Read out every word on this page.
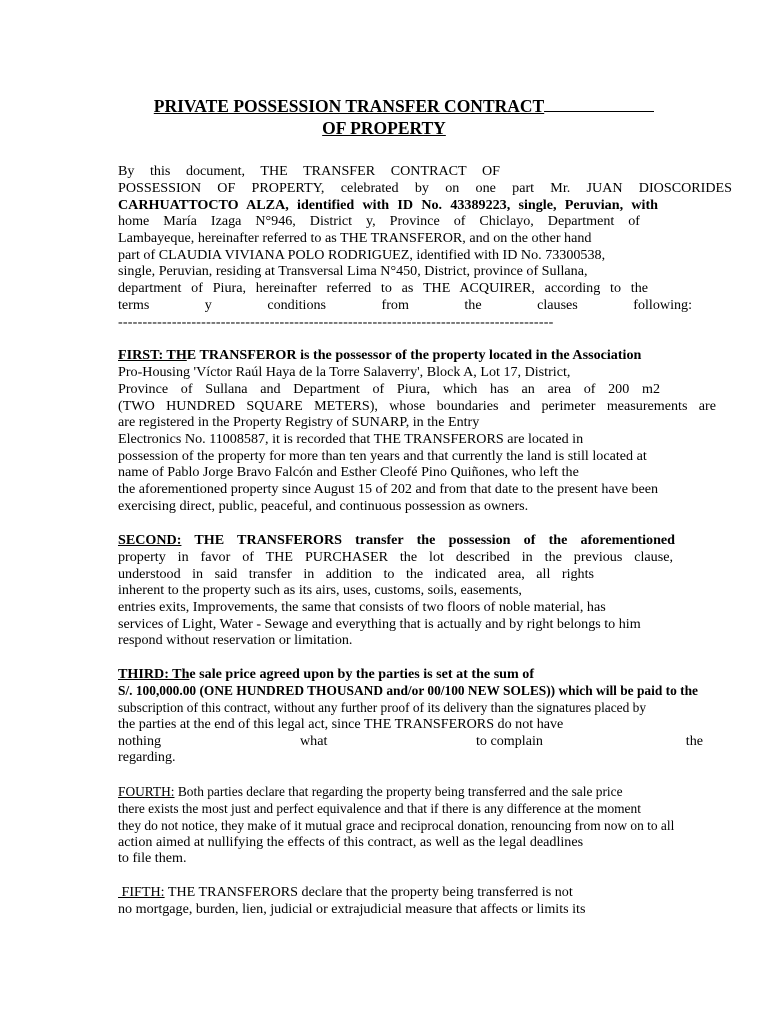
PRIVATE POSSESSION TRANSFER CONTRACT
OF PROPERTY
By this document, THE TRANSFER CONTRACT OF
POSSESSION OF PROPERTY, celebrated by on one part Mr. JUAN DIOSCORIDES
CARHUATTOCTO ALZA, identified with ID No. 43389223, single, Peruvian, with
home María Izaga N°946, District y, Province of Chiclayo, Department of
Lambayeque, hereinafter referred to as THE TRANSFEROR, and on the other hand
part of CLAUDIA VIVIANA POLO RODRIGUEZ, identified with ID No. 73300538,
single, Peruvian, residing at Transversal Lima N°450, District, province of Sullana,
department of Piura, hereinafter referred to as THE ACQUIRER, according to the
terms y conditions from the clauses following:
-----------------------------------------------------------------------------------------
FIRST: THE TRANSFEROR is the possessor of the property located in the Association
Pro-Housing 'Víctor Raúl Haya de la Torre Salaverry', Block A, Lot 17, District,
Province of Sullana and Department of Piura, which has an area of 200 m2
(TWO HUNDRED SQUARE METERS), whose boundaries and perimeter measurements are
are registered in the Property Registry of SUNARP, in the Entry
Electronics No. 11008587, it is recorded that THE TRANSFERORS are located in
possession of the property for more than ten years and that currently the land is still located at
name of Pablo Jorge Bravo Falcón and Esther Cleofé Pino Quiñones, who left the
the aforementioned property since August 15 of 202 and from that date to the present have been
exercising direct, public, peaceful, and continuous possession as owners.
SECOND: THE TRANSFERORS transfer the possession of the aforementioned
property in favor of THE PURCHASER the lot described in the previous clause,
understood in said transfer in addition to the indicated area, all rights
inherent to the property such as its airs, uses, customs, soils, easements,
entries exits, Improvements, the same that consists of two floors of noble material, has
services of Light, Water - Sewage and everything that is actually and by right belongs to him
respond without reservation or limitation.
THIRD: The sale price agreed upon by the parties is set at the sum of
S/. 100,000.00 (ONE HUNDRED THOUSAND and/or 00/100 NEW SOLES)) which will be paid to the
subscription of this contract, without any further proof of its delivery than the signatures placed by
the parties at the end of this legal act, since THE TRANSFERORS do not have
nothing	what	to complain	the
regarding.
FOURTH: Both parties declare that regarding the property being transferred and the sale price
there exists the most just and perfect equivalence and that if there is any difference at the moment
they do not notice, they make of it mutual grace and reciprocal donation, renouncing from now on to all
action aimed at nullifying the effects of this contract, as well as the legal deadlines
to file them.
FIFTH: THE TRANSFERORS declare that the property being transferred is not
no mortgage, burden, lien, judicial or extrajudicial measure that affects or limits its
